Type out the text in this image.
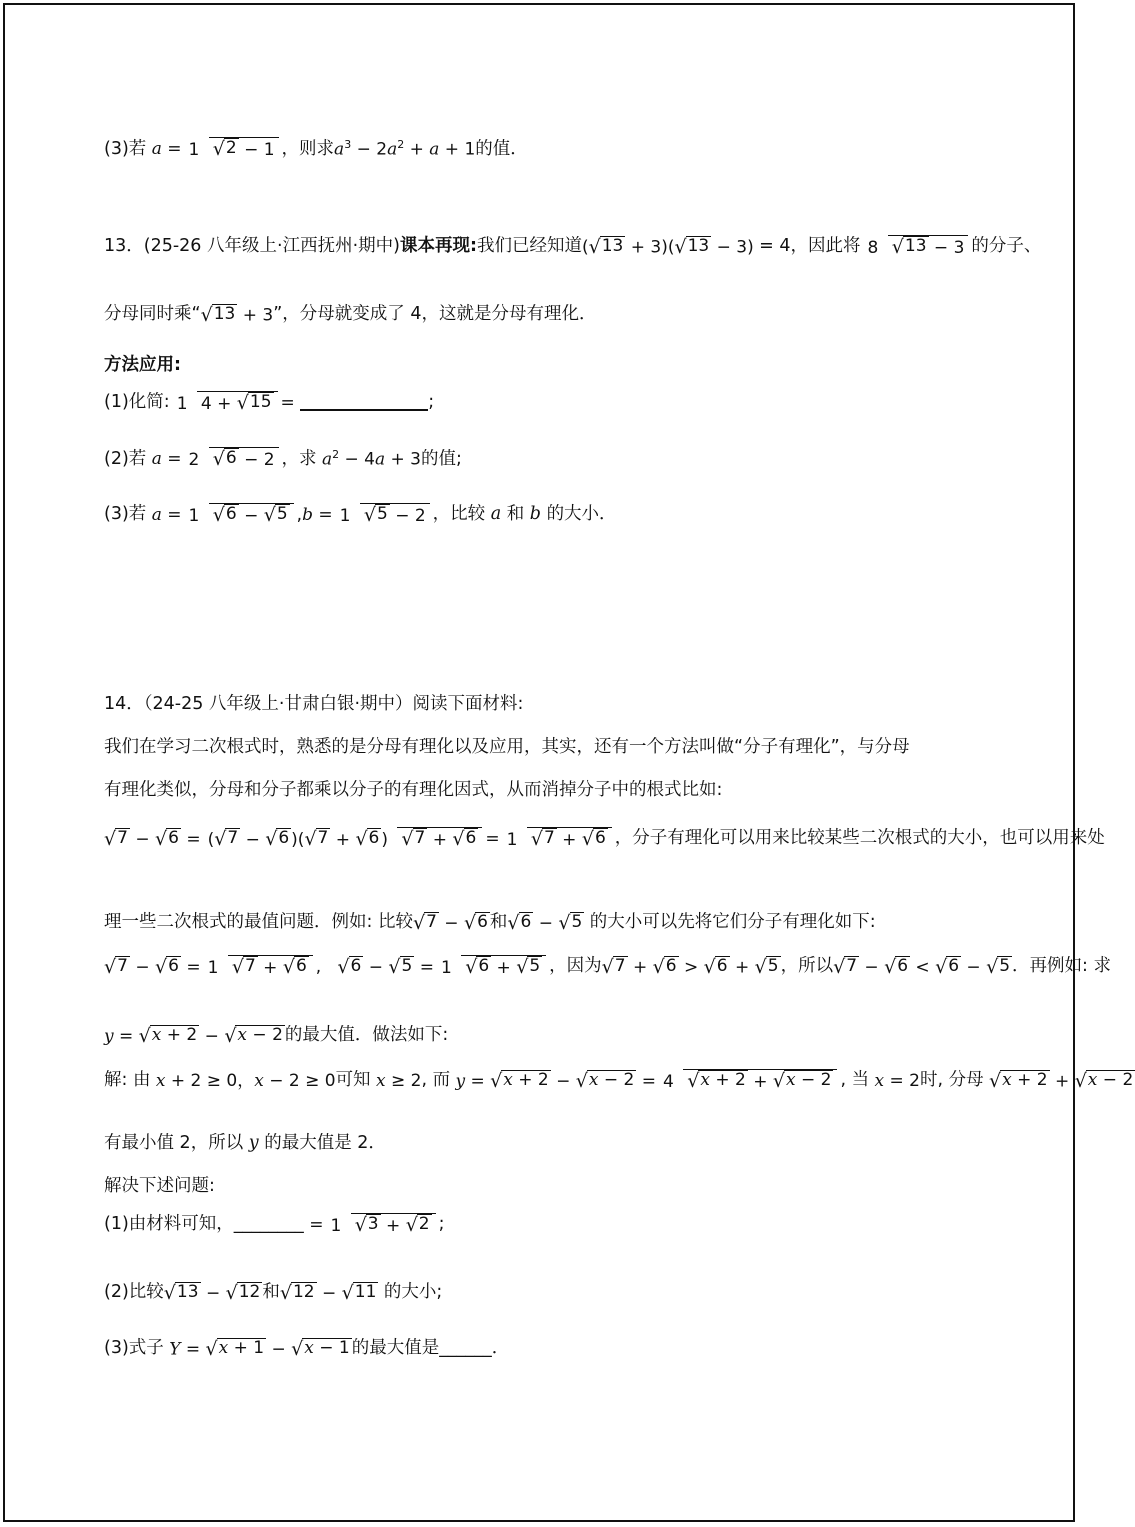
(3)若 a = 1 √ 2 − 1 ，则求 $a^3 - 2a^2 + a + 1$ 的值．
13．(25-26 八年级上·江西抚州·期中) 课本再现: 我们已经知道 ( √ 13 + 3)( √ 13 − 3) = 4，因此将 8 √ 13 − 3 的分子、
分母同时乘“ √ 13 + 3 ”，分母就变成了 4，这就是分母有理化．
方法应用:
(1)化简: 1 4 + √ 15 =	;
(2)若 a = 2 √ 6 − 2 ，求 $a^2 - 4a + 3$ 的值;
(3)若 a = 1 √ 6 − √ 5 ,b = 1 √ 5 − 2 ，比较 a 和 b 的大小．
14．（24-25 八年级上·甘肃白银·期中）阅读下面材料:
我们在学习二次根式时，熟悉的是分母有理化以及应用，其实，还有一个方法叫做“分子有理化”，与分母
有理化类似，分母和分子都乘以分子的有理化因式，从而消掉分子中的根式比如:
√ 7 − √ 6 = ( √ 7 − √ 6 )( √ 7 + √ 6 ) √ 7 + √ 6 = 1 √ 7 + √ 6 ，分子有理化可以用来比较某些二次根式的大小，也可以用来处
理一些二次根式的最值问题．例如: 比较 √ 7 − √ 6 和 √ 6 − √ 5
的大小可以先将它们分子有理化如下:
√ 7 − √ 6 = 1 √ 7 + √ 6 , √ 6 − √ 5 = 1 √ 6 + √ 5 ，因为 √ 7 + √ 6 > √ 6 + √ 5 ，所以 √ 7 − √ 6 < √ 6 − √ 5 ．再例如: 求
y = √ x + 2 − √ x − 2 的最大值．做法如下:
解: 由 x + 2 ≥ 0，x − 2 ≥ 0 可知 x ≥ 2 , 而 y = √ x + 2 − √ x − 2 = 4 √ x + 2 + √ x − 2 , 当 x = 2 时, 分母
√ x + 2 + √ x − 2
有最小值 2，所以 y 的最大值是 2．
解决下述问题:
(1)由材料可知， ________ = 1 √ 3 + √ 2 ;
(2)比较 √ 13 − √ 12 和 √ 12 − √ 11
的大小;
(3)式子 Y = √ x + 1 − √ x − 1 的最大值是 ______ ．
